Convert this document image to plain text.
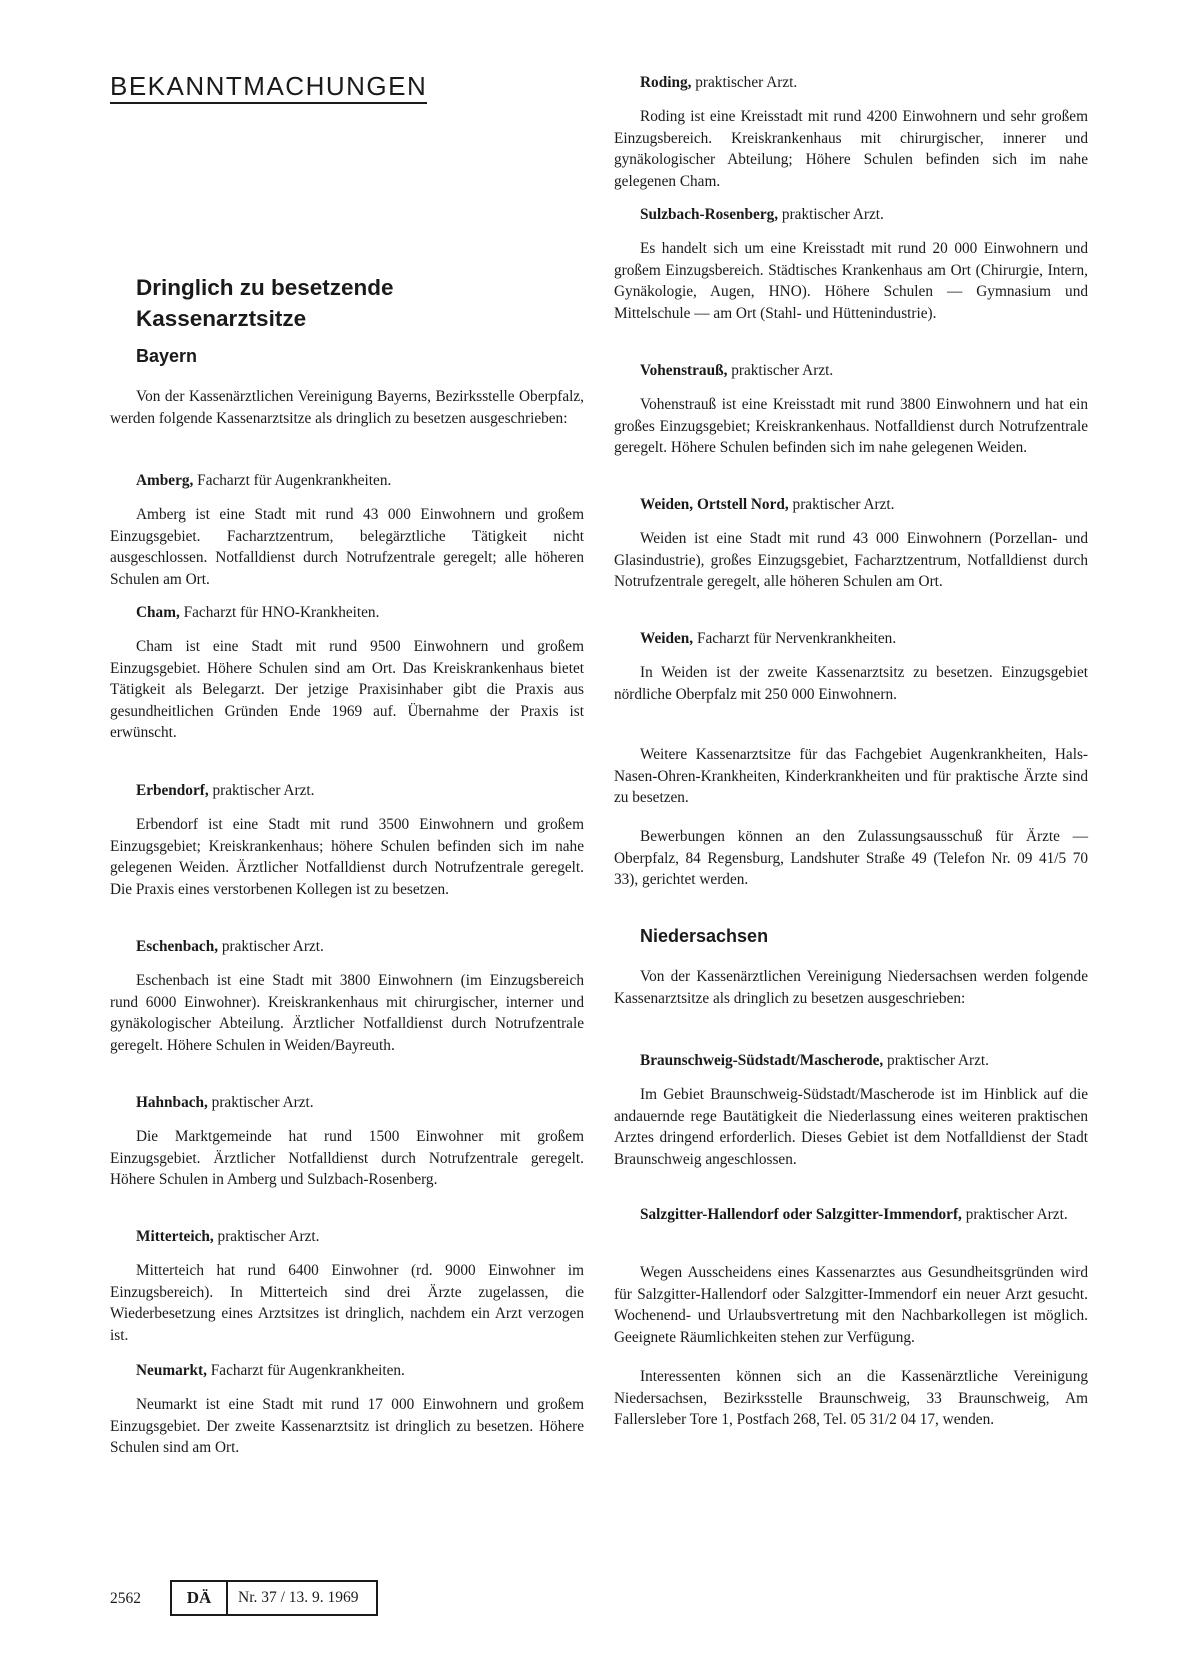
BEKANNTMACHUNGEN
Dringlich zu besetzende
Kassenarztsitze
Bayern

Von der Kassenärztlichen Vereinigung Bayerns, Bezirksstelle Oberpfalz, werden folgende Kassenarztsitze als dringlich zu besetzen ausgeschrieben:

Amberg, Facharzt für Augenkrankheiten.

Amberg ist eine Stadt mit rund 43 000 Einwohnern und großem Einzugsgebiet. Facharztzentrum, belegärztliche Tätigkeit nicht ausgeschlossen. Notfalldienst durch Notrufzentrale geregelt; alle höheren Schulen am Ort.

Cham, Facharzt für HNO-Krankheiten.

Cham ist eine Stadt mit rund 9500 Einwohnern und großem Einzugsgebiet. Höhere Schulen sind am Ort. Das Kreiskrankenhaus bietet Tätigkeit als Belegarzt. Der jetzige Praxisinhaber gibt die Praxis aus gesundheitlichen Gründen Ende 1969 auf. Übernahme der Praxis ist erwünscht.

Erbendorf, praktischer Arzt.

Erbendorf ist eine Stadt mit rund 3500 Einwohnern und großem Einzugsgebiet; Kreiskrankenhaus; höhere Schulen befinden sich im nahe gelegenen Weiden. Ärztlicher Notfalldienst durch Notrufzentrale geregelt. Die Praxis eines verstorbenen Kollegen ist zu besetzen.

Eschenbach, praktischer Arzt.

Eschenbach ist eine Stadt mit 3800 Einwohnern (im Einzugsbereich rund 6000 Einwohner). Kreiskrankenhaus mit chirurgischer, interner und gynäkologischer Abteilung. Ärztlicher Notfalldienst durch Notrufzentrale geregelt. Höhere Schulen in Weiden/Bayreuth.

Hahnbach, praktischer Arzt.

Die Marktgemeinde hat rund 1500 Einwohner mit großem Einzugsgebiet. Ärztlicher Notfalldienst durch Notrufzentrale geregelt. Höhere Schulen in Amberg und Sulzbach-Rosenberg.

Mitterteich, praktischer Arzt.

Mitterteich hat rund 6400 Einwohner (rd. 9000 Einwohner im Einzugsbereich). In Mitterteich sind drei Ärzte zugelassen, die Wiederbesetzung eines Arztsitzes ist dringlich, nachdem ein Arzt verzogen ist.

Neumarkt, Facharzt für Augenkrankheiten.

Neumarkt ist eine Stadt mit rund 17 000 Einwohnern und großem Einzugsgebiet. Der zweite Kassenarztsitz ist dringlich zu besetzen. Höhere Schulen sind am Ort.

Roding, praktischer Arzt.

Roding ist eine Kreisstadt mit rund 4200 Einwohnern und sehr großem Einzugsbereich. Kreiskrankenhaus mit chirurgischer, innerer und gynäkologischer Abteilung; Höhere Schulen befinden sich im nahe gelegenen Cham.

Sulzbach-Rosenberg, praktischer Arzt.

Es handelt sich um eine Kreisstadt mit rund 20 000 Einwohnern und großem Einzugsbereich. Städtisches Krankenhaus am Ort (Chirurgie, Intern, Gynäkologie, Augen, HNO). Höhere Schulen — Gymnasium und Mittelschule — am Ort (Stahl- und Hüttenindustrie).

Vohenstrauß, praktischer Arzt.

Vohenstrauß ist eine Kreisstadt mit rund 3800 Einwohnern und hat ein großes Einzugsgebiet; Kreiskrankenhaus. Notfalldienst durch Notrufzentrale geregelt. Höhere Schulen befinden sich im nahe gelegenen Weiden.

Weiden, Ortstell Nord, praktischer Arzt.

Weiden ist eine Stadt mit rund 43 000 Einwohnern (Porzellan- und Glasindustrie), großes Einzugsgebiet, Facharztzentrum, Notfalldienst durch Notrufzentrale geregelt, alle höheren Schulen am Ort.

Weiden, Facharzt für Nervenkrankheiten.

In Weiden ist der zweite Kassenarztsitz zu besetzen. Einzugsgebiet nördliche Oberpfalz mit 250 000 Einwohnern.

Weitere Kassenarztsitze für das Fachgebiet Augenkrankheiten, Hals-Nasen-Ohren-Krankheiten, Kinderkrankheiten und für praktische Ärzte sind zu besetzen.

Bewerbungen können an den Zulassungsausschuß für Ärzte — Oberpfalz, 84 Regensburg, Landshuter Straße 49 (Telefon Nr. 09 41/5 70 33), gerichtet werden.

Niedersachsen

Von der Kassenärztlichen Vereinigung Niedersachsen werden folgende Kassenarztsitze als dringlich zu besetzen ausgeschrieben:

Braunschweig-Südstadt/Mascherode, praktischer Arzt.

Im Gebiet Braunschweig-Südstadt/Mascherode ist im Hinblick auf die andauernde rege Bautätigkeit die Niederlassung eines weiteren praktischen Arztes dringend erforderlich. Dieses Gebiet ist dem Notfalldienst der Stadt Braunschweig angeschlossen.

Salzgitter-Hallendorf oder Salzgitter-Immendorf, praktischer Arzt.

Wegen Ausscheidens eines Kassenarztes aus Gesundheitsgründen wird für Salzgitter-Hallendorf oder Salzgitter-Immendorf ein neuer Arzt gesucht. Wochenend- und Urlaubsvertretung mit den Nachbarkollegen ist möglich. Geeignete Räumlichkeiten stehen zur Verfügung.

Interessenten können sich an die Kassenärztliche Vereinigung Niedersachsen, Bezirksstelle Braunschweig, 33 Braunschweig, Am Fallersleber Tore 1, Postfach 268, Tel. 05 31/2 04 17, wenden.

2562	DÄ	Nr. 37 / 13. 9. 1969
